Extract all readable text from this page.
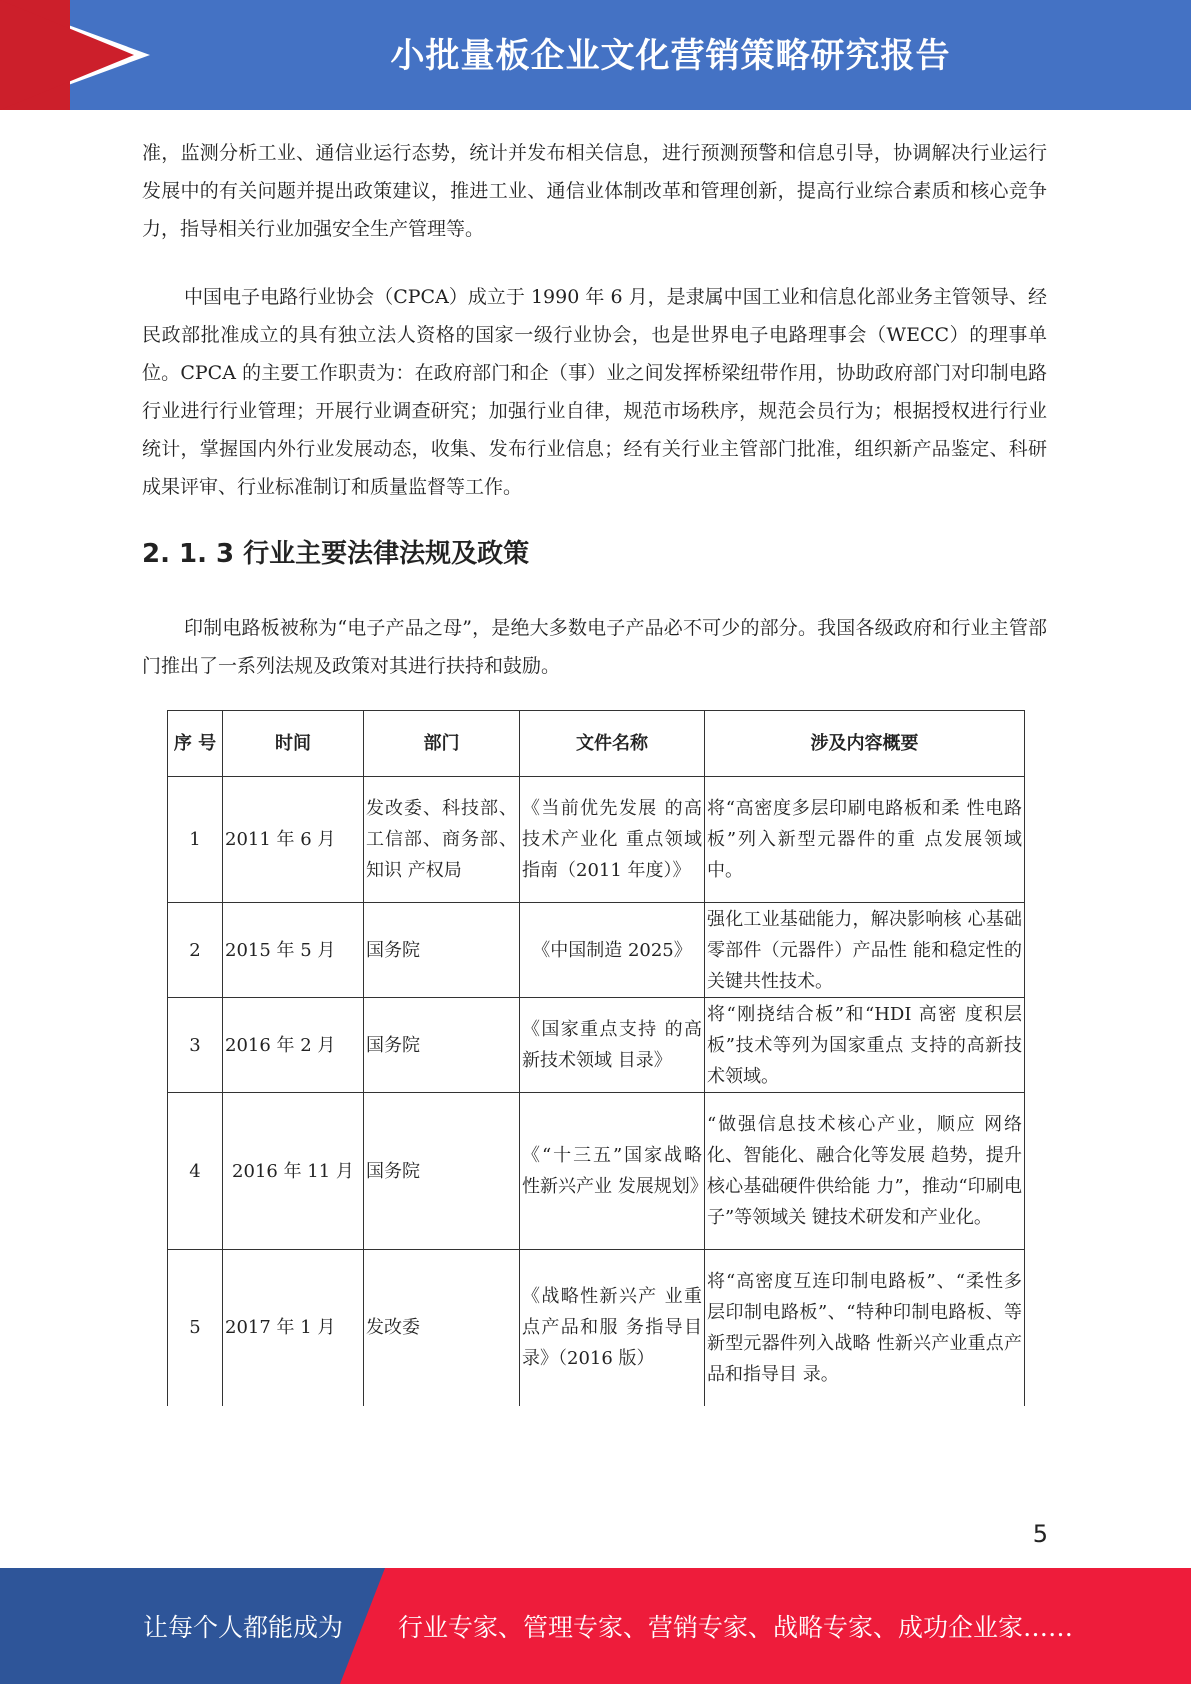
小批量板企业文化营销策略研究报告

准，监测分析工业、通信业运行态势，统计并发布相关信息，进行预测预警和信息引导，协调解决行业运行发展中的有关问题并提出政策建议，推进工业、通信业体制改革和管理创新，提高行业综合素质和核心竞争力，指导相关行业加强安全生产管理等。

中国电子电路行业协会（CPCA）成立于 1990 年 6 月，是隶属中国工业和信息化部业务主管领导、经民政部批准成立的具有独立法人资格的国家一级行业协会，也是世界电子电路理事会（WECC）的理事单位。CPCA 的主要工作职责为：在政府部门和企（事）业之间发挥桥梁纽带作用，协助政府部门对印制电路行业进行行业管理；开展行业调查研究；加强行业自律，规范市场秩序，规范会员行为；根据授权进行行业统计，掌握国内外行业发展动态，收集、发布行业信息；经有关行业主管部门批准，组织新产品鉴定、科研成果评审、行业标准制订和质量监督等工作。

2. 1. 3 行业主要法律法规及政策

印制电路板被称为“电子产品之母”，是绝大多数电子产品必不可少的部分。我国各级政府和行业主管部门推出了一系列法规及政策对其进行扶持和鼓励。

序 号	时间	部门	文件名称	涉及内容概要
1	2011 年 6 月	发改委、科技部、工信部、商务部、知识 产权局	《当前优先发展 的高技术产业化 重点领域指南（2011 年度）》	将“高密度多层印刷电路板和柔 性电路板”列入新型元器件的重 点发展领域中。
2	2015 年 5 月	国务院	《中国制造 2025》	强化工业基础能力，解决影响核 心基础零部件（元器件）产品性 能和稳定性的关键共性技术。
3	2016 年 2 月	国务院	《国家重点支持 的高新技术领域 目录》	将“刚挠结合板”和“HDI 高密 度积层板”技术等列为国家重点 支持的高新技术领域。
4	2016 年 11 月	国务院	《“十三五”国家战略性新兴产业 发展规划》	“做强信息技术核心产业，顺应 网络化、智能化、融合化等发展 趋势，提升核心基础硬件供给能 力”，推动“印刷电子”等领域关 键技术研发和产业化。
5	2017 年 1 月	发改委	《战略性新兴产 业重点产品和服 务指导目录》（2016 版）	将“高密度互连印制电路板”、“柔性多层印制电路板”、“特种印制电路板、等新型元器件列入战略 性新兴产业重点产品和指导目 录。
5
让每个人都能成为 行业专家、管理专家、营销专家、战略专家、成功企业家……
